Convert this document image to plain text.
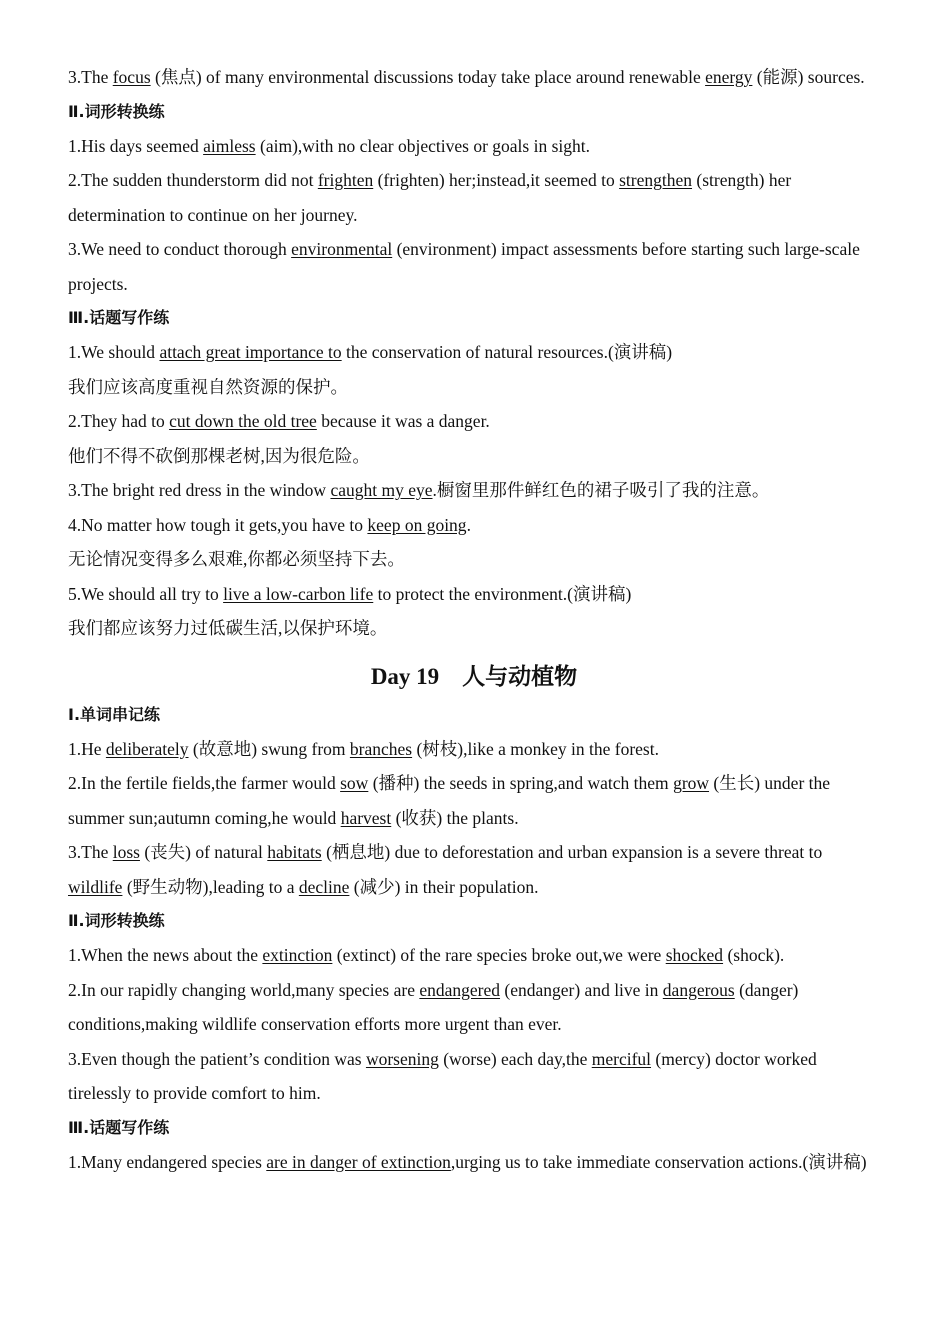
3.The focus (焦点) of many environmental discussions today take place around renewable energy (能源) sources.

Ⅱ.词形转换练

1.His days seemed aimless (aim),with no clear objectives or goals in sight.

2.The sudden thunderstorm did not frighten (frighten) her;instead,it seemed to strengthen (strength) her determination to continue on her journey.

3.We need to conduct thorough environmental (environment) impact assessments before starting such large-scale projects.

Ⅲ.话题写作练

1.We should attach great importance to the conservation of natural resources.(演讲稿)

我们应该高度重视自然资源的保护。

2.They had to cut down the old tree because it was a danger.

他们不得不砍倒那棵老树,因为很危险。

3.The bright red dress in the window caught my eye.橱窗里那件鲜红色的裙子吸引了我的注意。

4.No matter how tough it gets,you have to keep on going.

无论情况变得多么艰难,你都必须坚持下去。

5.We should all try to live a low-carbon life to protect the environment.(演讲稿)

我们都应该努力过低碳生活,以保护环境。

Day 19　人与动植物

Ⅰ.单词串记练

1.He deliberately (故意地) swung from branches (树枝),like a monkey in the forest.

2.In the fertile fields,the farmer would sow (播种) the seeds in spring,and watch them grow (生长) under the summer sun;autumn coming,he would harvest (收获) the plants.

3.The loss (丧失) of natural habitats (栖息地) due to deforestation and urban expansion is a severe threat to wildlife (野生动物),leading to a decline (减少) in their population.

Ⅱ.词形转换练

1.When the news about the extinction (extinct) of the rare species broke out,we were shocked (shock).

2.In our rapidly changing world,many species are endangered (endanger) and live in dangerous (danger) conditions,making wildlife conservation efforts more urgent than ever.

3.Even though the patient’s condition was worsening (worse) each day,the merciful (mercy) doctor worked tirelessly to provide comfort to him.

Ⅲ.话题写作练

1.Many endangered species are in danger of extinction,urging us to take immediate conservation actions.(演讲稿)
